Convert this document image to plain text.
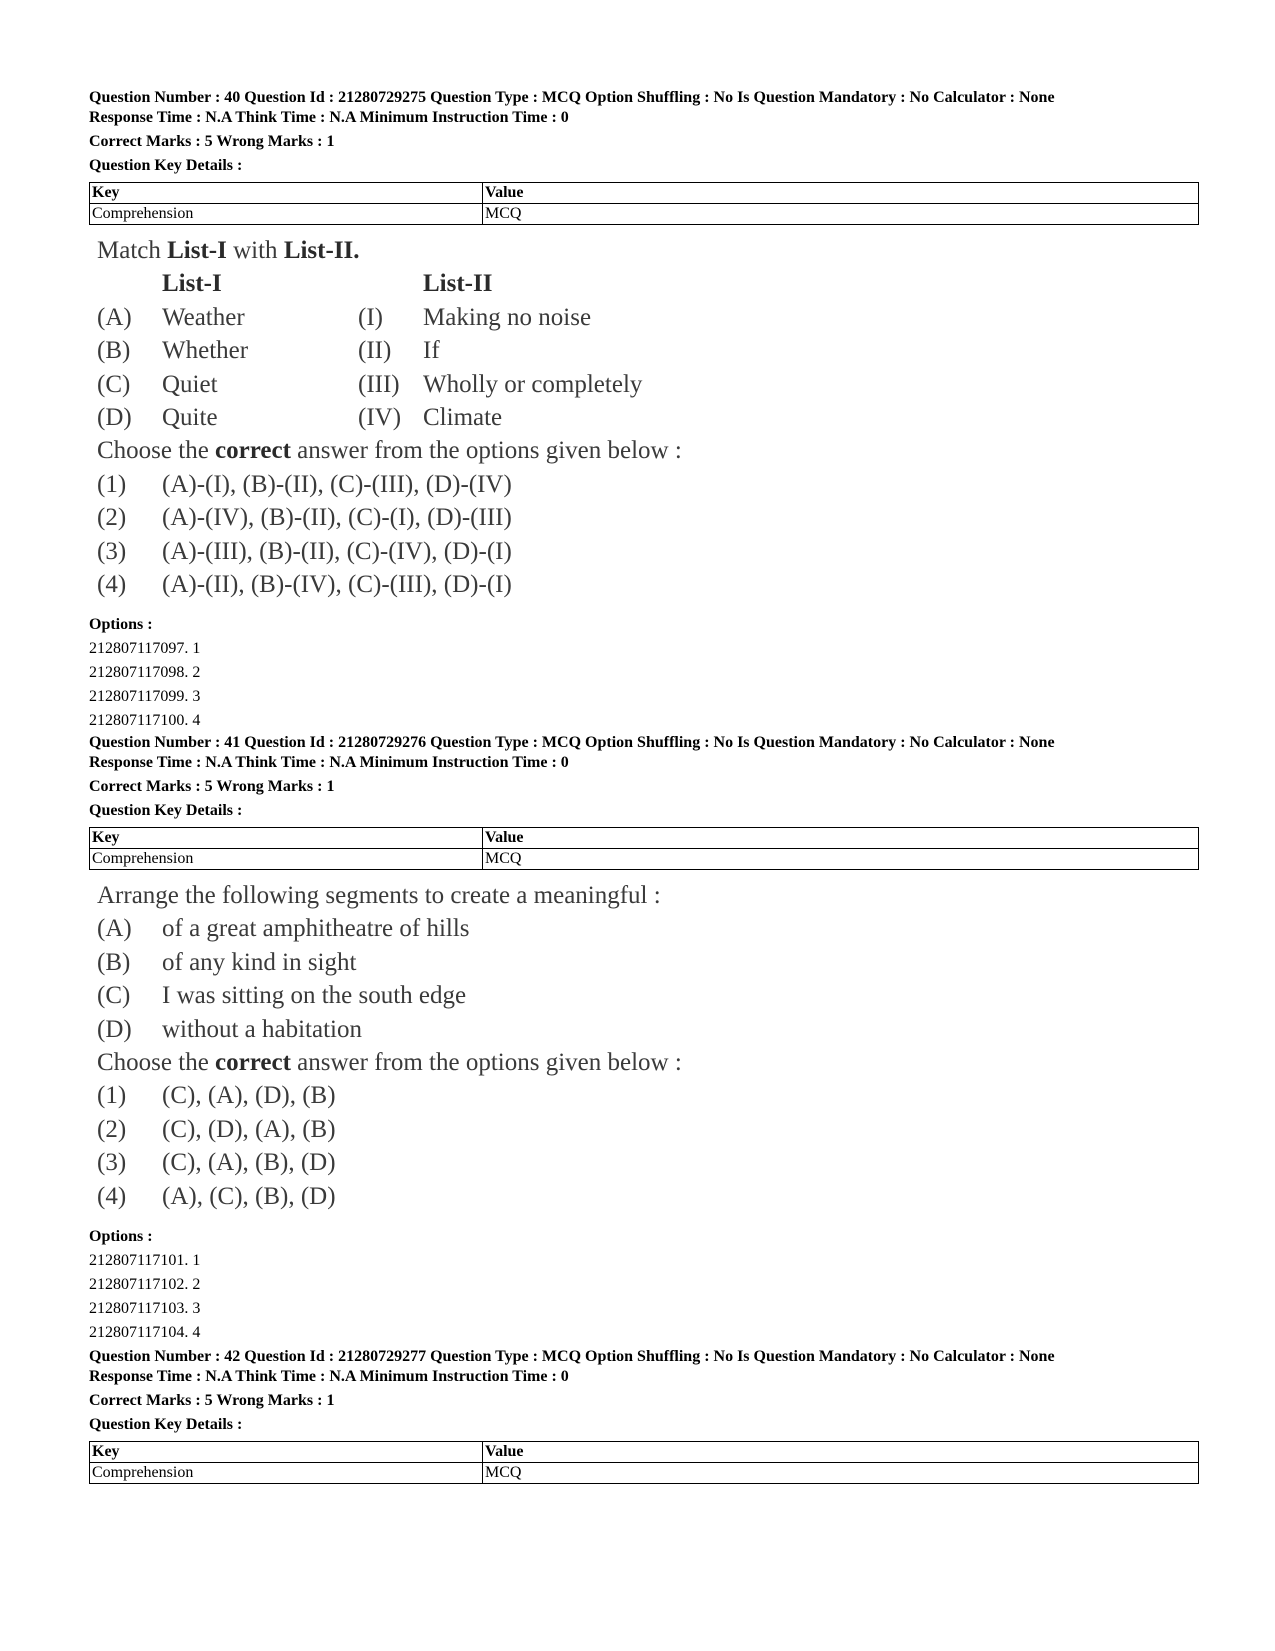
Question Number : 40 Question Id : 21280729275 Question Type : MCQ Option Shuffling : No Is Question Mandatory : No Calculator : None
Response Time : N.A Think Time : N.A Minimum Instruction Time : 0
Correct Marks : 5 Wrong Marks : 1
Question Key Details :
Key	Value
Comprehension	MCQ
Match List-I with List-II.
List-I	List-II
(A) Weather	(I) Making no noise
(B) Whether	(II) If
(C) Quiet	(III) Wholly or completely
(D) Quite	(IV) Climate
Choose the correct answer from the options given below :
(1) (A)-(I), (B)-(II), (C)-(III), (D)-(IV)
(2) (A)-(IV), (B)-(II), (C)-(I), (D)-(III)
(3) (A)-(III), (B)-(II), (C)-(IV), (D)-(I)
(4) (A)-(II), (B)-(IV), (C)-(III), (D)-(I)
Options :
212807117097. 1
212807117098. 2
212807117099. 3
212807117100. 4
Question Number : 41 Question Id : 21280729276 Question Type : MCQ Option Shuffling : No Is Question Mandatory : No Calculator : None
Response Time : N.A Think Time : N.A Minimum Instruction Time : 0
Correct Marks : 5 Wrong Marks : 1
Question Key Details :
Key	Value
Comprehension	MCQ
Arrange the following segments to create a meaningful :
(A) of a great amphitheatre of hills
(B) of any kind in sight
(C) I was sitting on the south edge
(D) without a habitation
Choose the correct answer from the options given below :
(1) (C), (A), (D), (B)
(2) (C), (D), (A), (B)
(3) (C), (A), (B), (D)
(4) (A), (C), (B), (D)
Options :
212807117101. 1
212807117102. 2
212807117103. 3
212807117104. 4
Question Number : 42 Question Id : 21280729277 Question Type : MCQ Option Shuffling : No Is Question Mandatory : No Calculator : None
Response Time : N.A Think Time : N.A Minimum Instruction Time : 0
Correct Marks : 5 Wrong Marks : 1
Question Key Details :
Key	Value
Comprehension	MCQ
